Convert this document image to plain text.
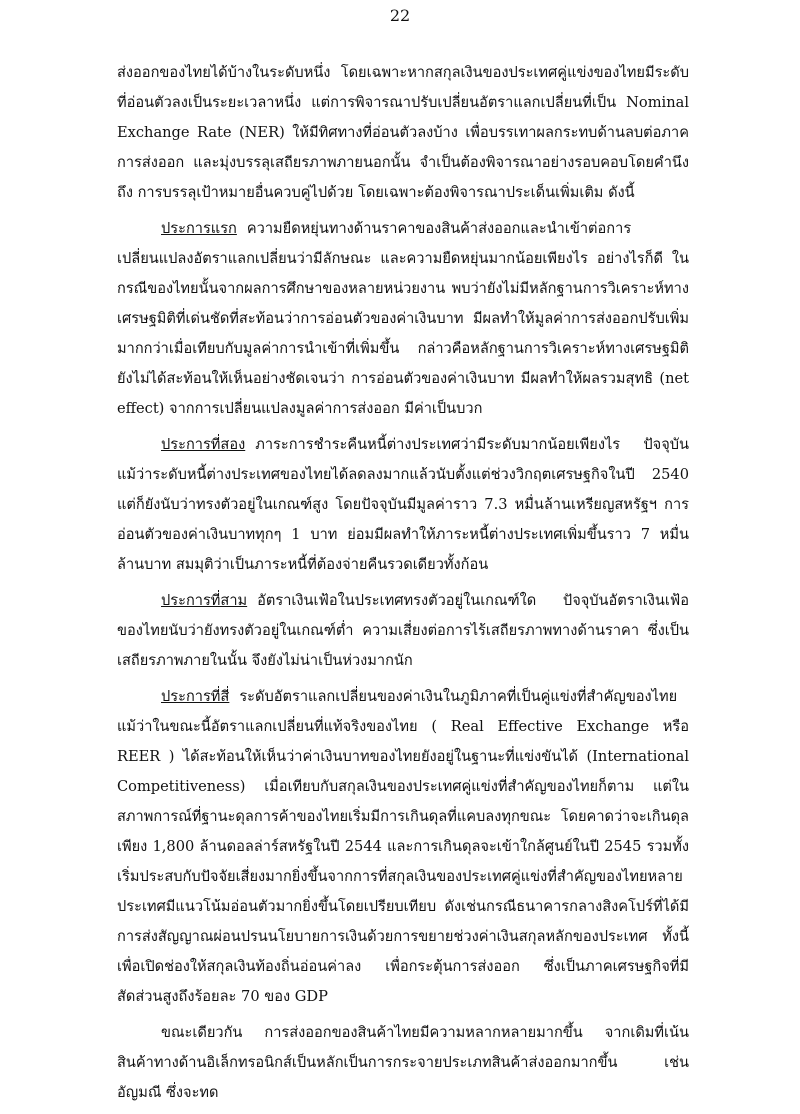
22

ส่งออกของไทยได้บ้างในระดับหนึ่ง โดยเฉพาะหากสกุลเงินของประเทศคู่แข่งของไทยมีระดับที่อ่อนตัวลงเป็นระยะเวลาหนึ่ง แต่การพิจารณาปรับเปลี่ยนอัตราแลกเปลี่ยนที่เป็น Nominal Exchange Rate (NER) ให้มีทิศทางที่อ่อนตัวลงบ้าง เพื่อบรรเทาผลกระทบด้านลบต่อภาคการส่งออก และมุ่งบรรลุเสถียรภาพภายนอกนั้น จำเป็นต้องพิจารณาอย่างรอบคอบโดยคำนึงถึง การบรรลุเป้าหมายอื่นควบคู่ไปด้วย โดยเฉพาะต้องพิจารณาประเด็นเพิ่มเติม ดังนี้

ประการแรก ความยืดหยุ่นทางด้านราคาของสินค้าส่งออกและนำเข้าต่อการเปลี่ยนแปลงอัตราแลกเปลี่ยนว่ามีลักษณะ และความยืดหยุ่นมากน้อยเพียงไร อย่างไรก็ดี ในกรณีของไทยนั้นจากผลการศึกษาของหลายหน่วยงาน พบว่ายังไม่มีหลักฐานการวิเคราะห์ทางเศรษฐมิติที่เด่นชัดที่สะท้อนว่าการอ่อนตัวของค่าเงินบาท มีผลทำให้มูลค่าการส่งออกปรับเพิ่มมากกว่าเมื่อเทียบกับมูลค่าการนำเข้าที่เพิ่มขึ้น กล่าวคือหลักฐานการวิเคราะห์ทางเศรษฐมิติยังไม่ได้สะท้อนให้เห็นอย่างชัดเจนว่า การอ่อนตัวของค่าเงินบาท มีผลทำให้ผลรวมสุทธิ (net effect) จากการเปลี่ยนแปลงมูลค่าการส่งออก มีค่าเป็นบวก

ประการที่สอง ภาระการชำระคืนหนี้ต่างประเทศว่ามีระดับมากน้อยเพียงไร ปัจจุบันแม้ว่าระดับหนี้ต่างประเทศของไทยได้ลดลงมากแล้วนับตั้งแต่ช่วงวิกฤตเศรษฐกิจในปี 2540 แต่ก็ยังนับว่าทรงตัวอยู่ในเกณฑ์สูง โดยปัจจุบันมีมูลค่าราว 7.3 หมื่นล้านเหรียญสหรัฐฯ การอ่อนตัวของค่าเงินบาททุกๆ 1 บาท ย่อมมีผลทำให้ภาระหนี้ต่างประเทศเพิ่มขึ้นราว 7 หมื่นล้านบาท สมมุติว่าเป็นภาระหนี้ที่ต้องจ่ายคืนรวดเดียวทั้งก้อน

ประการที่สาม อัตราเงินเฟ้อในประเทศทรงตัวอยู่ในเกณฑ์ใด ปัจจุบันอัตราเงินเฟ้อของไทยนับว่ายังทรงตัวอยู่ในเกณฑ์ต่ำ ความเสี่ยงต่อการไร้เสถียรภาพทางด้านราคา ซึ่งเป็นเสถียรภาพภายในนั้น จึงยังไม่น่าเป็นห่วงมากนัก

ประการที่สี่ ระดับอัตราแลกเปลี่ยนของค่าเงินในภูมิภาคที่เป็นคู่แข่งที่สำคัญของไทย แม้ว่าในขณะนี้อัตราแลกเปลี่ยนที่แท้จริงของไทย ( Real Effective Exchange หรือ REER ) ได้สะท้อนให้เห็นว่าค่าเงินบาทของไทยยังอยู่ในฐานะที่แข่งขันได้ (International Competitiveness) เมื่อเทียบกับสกุลเงินของประเทศคู่แข่งที่สำคัญของไทยก็ตาม แต่ในสภาพการณ์ที่ฐานะดุลการค้าของไทยเริ่มมีการเกินดุลที่แคบลงทุกขณะ โดยคาดว่าจะเกินดุลเพียง 1,800 ล้านดอลล่าร์สหรัฐในปี 2544 และการเกินดุลจะเข้าใกล้ศูนย์ในปี 2545 รวมทั้งเริ่มประสบกับปัจจัยเสี่ยงมากยิ่งขึ้นจากการที่สกุลเงินของประเทศคู่แข่งที่สำคัญของไทยหลายประเทศมีแนวโน้มอ่อนตัวมากยิ่งขึ้นโดยเปรียบเทียบ ดังเช่นกรณีธนาคารกลางสิงคโปร์ที่ได้มีการส่งสัญญาณผ่อนปรนนโยบายการเงินด้วยการขยายช่วงค่าเงินสกุลหลักของประเทศ ทั้งนี้ เพื่อเปิดช่องให้สกุลเงินท้องถิ่นอ่อนค่าลง เพื่อกระตุ้นการส่งออก ซึ่งเป็นภาคเศรษฐกิจที่มีสัดส่วนสูงถึงร้อยละ 70 ของ GDP

ขณะเดียวกัน การส่งออกของสินค้าไทยมีความหลากหลายมากขึ้น จากเดิมที่เน้นสินค้าทางด้านอิเล็กทรอนิกส์เป็นหลักเป็นการกระจายประเภทสินค้าส่งออกมากขึ้น เช่น อัญมณี ซึ่งจะทด
